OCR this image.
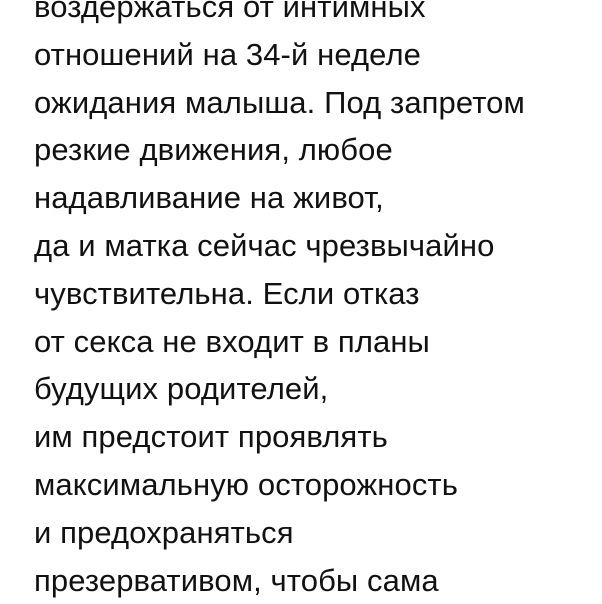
воздержаться от интимных
отношений на 34-й неделе
ожидания малыша. Под запретом
резкие движения, любое
надавливание на живот,
да и матка сейчас чрезвычайно
чувствительна. Если отказ
от секса не входит в планы
будущих родителей,
им предстоит проявлять
максимальную осторожность
и предохраняться
презервативом, чтобы сама
